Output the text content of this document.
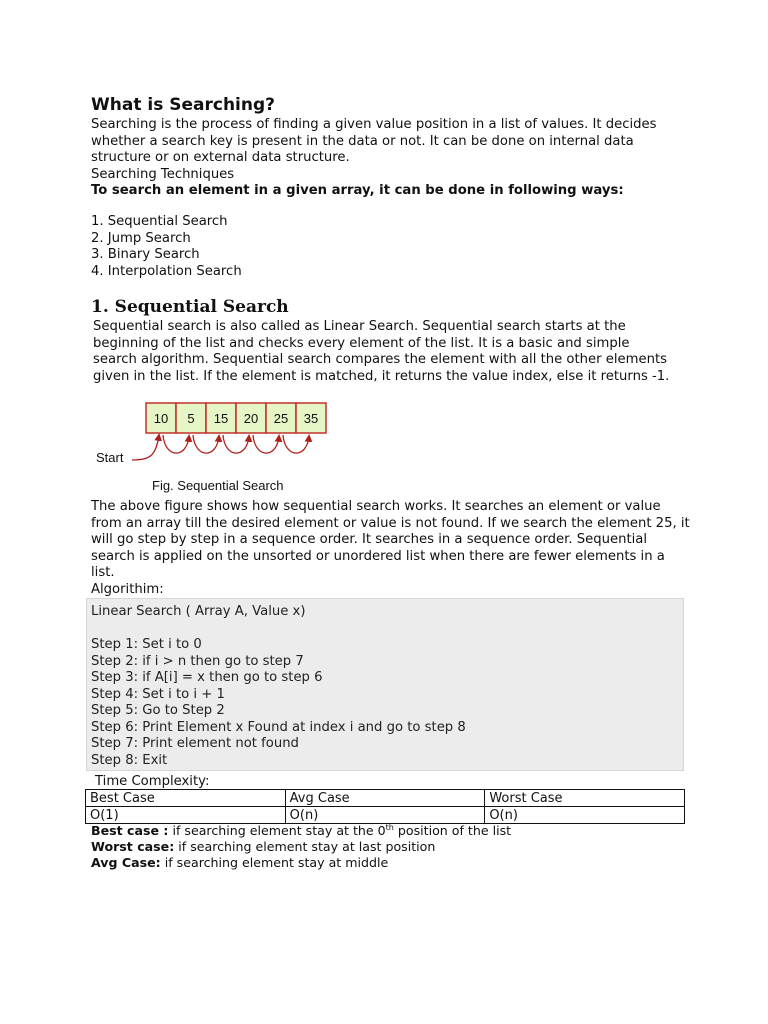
What is Searching?

Searching is the process of finding a given value position in a list of values. It decides whether a search key is present in the data or not. It can be done on internal data structure or on external data structure.

Searching Techniques

To search an element in a given array, it can be done in following ways:

1. Sequential Search
2. Jump Search
3. Binary Search
4. Interpolation Search
1. Sequential Search

Sequential search is also called as Linear Search. Sequential search starts at the beginning of the list and checks every element of the list. It is a basic and simple search algorithm. Sequential search compares the element with all the other elements given in the list. If the element is matched, it returns the value index, else it returns -1.

10 5 15 20 25 35
Start
Fig. Sequential Search

The above figure shows how sequential search works. It searches an element or value from an array till the desired element or value is not found. If we search the element 25, it will go step by step in a sequence order. It searches in a sequence order. Sequential search is applied on the unsorted or unordered list when there are fewer elements in a list.

Algorithim:

Linear Search ( Array A, Value x)

Step 1: Set i to 0

Step 2: if i > n then go to step 7

Step 3: if A[i] = x then go to step 6

Step 4: Set i to i + 1

Step 5: Go to Step 2

Step 6: Print Element x Found at index i and go to step 8

Step 7: Print element not found

Step 8: Exit

Time Complexity:
Best Case	Avg Case	Worst Case
O(1)	O(n)	O(n)

Best case : if searching element stay at the 0th position of the list

Worst case: if searching element stay at last position

Avg Case: if searching element stay at middle
